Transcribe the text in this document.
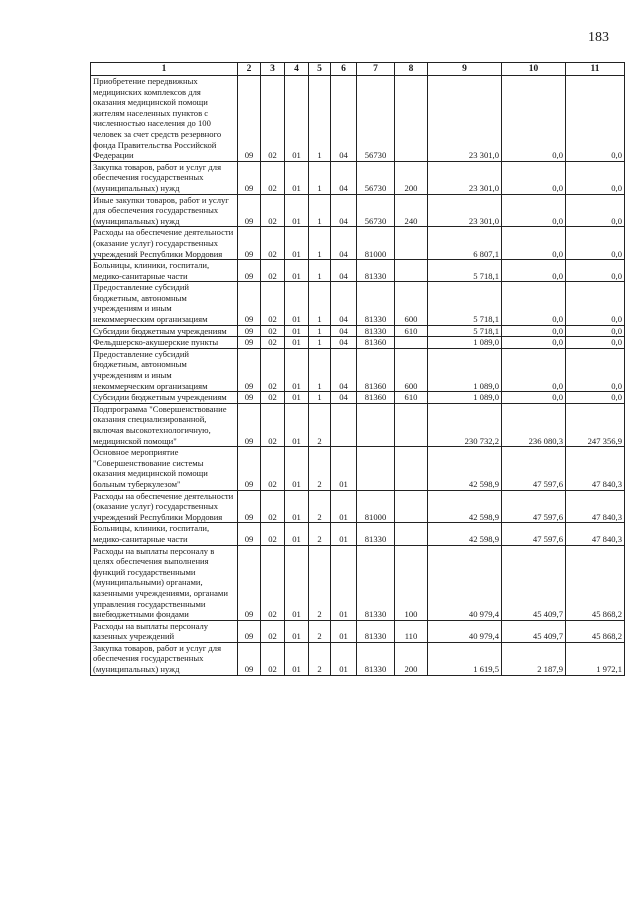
183
1	2	3	4	5	6	7	8	9	10	11
Приобретение передвижных медицинских комплексов для оказания медицинской помощи жителям населенных пунктов с численностью населения до 100 человек за счет средств резервного фонда Правительства Российской Федерации	09	02	01	1	04	56730		23 301,0	0,0	0,0
Закупка товаров, работ и услуг для обеспечения государственных (муниципальных) нужд	09	02	01	1	04	56730	200	23 301,0	0,0	0,0
Иные закупки товаров, работ и услуг для обеспечения государственных (муниципальных) нужд	09	02	01	1	04	56730	240	23 301,0	0,0	0,0
Расходы на обеспечение деятельности (оказание услуг) государственных учреждений Республики Мордовия	09	02	01	1	04	81000		6 807,1	0,0	0,0
Больницы, клиники, госпитали, медико-санитарные части	09	02	01	1	04	81330		5 718,1	0,0	0,0
Предоставление субсидий бюджетным, автономным учреждениям и иным некоммерческим организациям	09	02	01	1	04	81330	600	5 718,1	0,0	0,0
Субсидии бюджетным учреждениям	09	02	01	1	04	81330	610	5 718,1	0,0	0,0
Фельдшерско-акушерские пункты	09	02	01	1	04	81360		1 089,0	0,0	0,0
Предоставление субсидий бюджетным, автономным учреждениям и иным некоммерческим организациям	09	02	01	1	04	81360	600	1 089,0	0,0	0,0
Субсидии бюджетным учреждениям	09	02	01	1	04	81360	610	1 089,0	0,0	0,0
Подпрограмма "Совершенствование оказания специализированной, включая высокотехнологичную, медицинской помощи"	09	02	01	2				230 732,2	236 080,3	247 356,9
Основное мероприятие "Совершенствование системы оказания медицинской помощи больным туберкулезом"	09	02	01	2	01			42 598,9	47 597,6	47 840,3
Расходы на обеспечение деятельности (оказание услуг) государственных учреждений Республики Мордовия	09	02	01	2	01	81000		42 598,9	47 597,6	47 840,3
Больницы, клиники, госпитали, медико-санитарные части	09	02	01	2	01	81330		42 598,9	47 597,6	47 840,3
Расходы на выплаты персоналу в целях обеспечения выполнения функций государственными (муниципальными) органами, казенными учреждениями, органами управления государственными внебюджетными фондами	09	02	01	2	01	81330	100	40 979,4	45 409,7	45 868,2
Расходы на выплаты персоналу казенных учреждений	09	02	01	2	01	81330	110	40 979,4	45 409,7	45 868,2
Закупка товаров, работ и услуг для обеспечения государственных (муниципальных) нужд	09	02	01	2	01	81330	200	1 619,5	2 187,9	1 972,1
